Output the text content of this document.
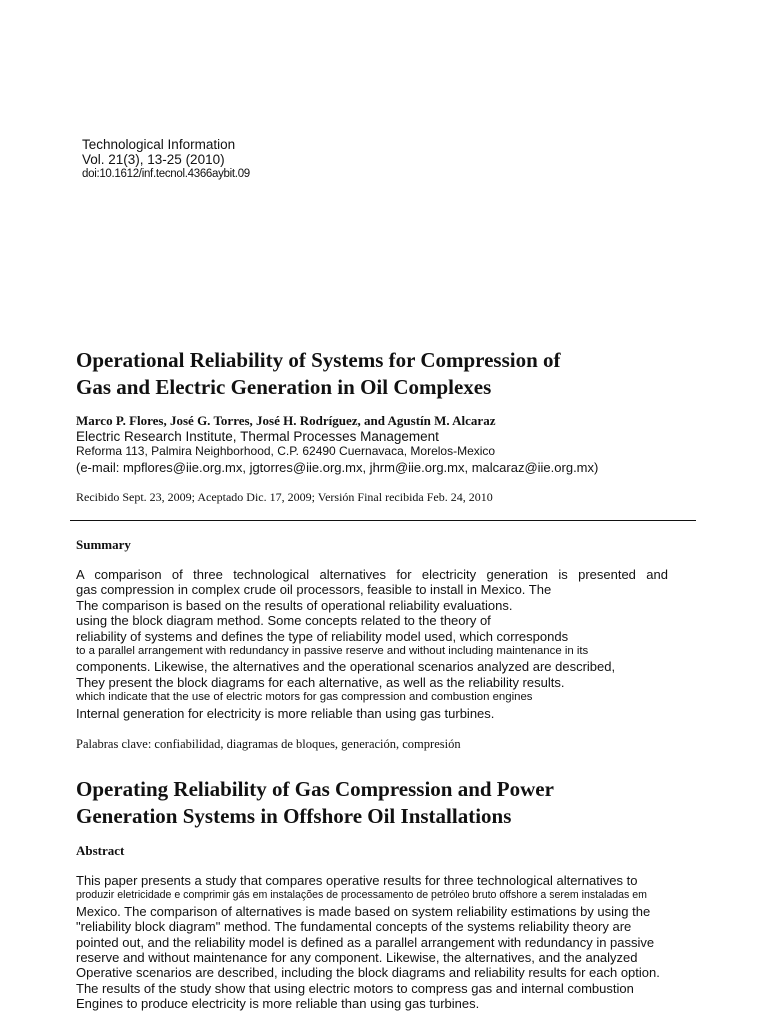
Technological Information
Vol. 21(3), 13-25 (2010)
doi:10.1612/inf.tecnol.4366aybit.09
Operational Reliability of Systems for Compression of
Gas and Electric Generation in Oil Complexes
Marco P. Flores, José G. Torres, José H. Rodríguez, and Agustín M. Alcaraz
Electric Research Institute, Thermal Processes Management
Reforma 113, Palmira Neighborhood, C.P. 62490 Cuernavaca, Morelos-Mexico
(e-mail: mpflores@iie.org.mx, jgtorres@iie.org.mx, jhrm@iie.org.mx, malcaraz@iie.org.mx)
Recibido Sept. 23, 2009; Aceptado Dic. 17, 2009; Versión Final recibida Feb. 24, 2010
Summary
A comparison of three technological alternatives for electricity generation is presented and
gas compression in complex crude oil processors, feasible to install in Mexico. The
The comparison is based on the results of operational reliability evaluations.
using the block diagram method. Some concepts related to the theory of
reliability of systems and defines the type of reliability model used, which corresponds
to a parallel arrangement with redundancy in passive reserve and without including maintenance in its
components. Likewise, the alternatives and the operational scenarios analyzed are described,
They present the block diagrams for each alternative, as well as the reliability results.
which indicate that the use of electric motors for gas compression and combustion engines
Internal generation for electricity is more reliable than using gas turbines.
Palabras clave: confiabilidad, diagramas de bloques, generación, compresión
Operating Reliability of Gas Compression and Power
Generation Systems in Offshore Oil Installations
Abstract
This paper presents a study that compares operative results for three technological alternatives to
produzir eletricidade e comprimir gás em instalações de processamento de petróleo bruto offshore a serem instaladas em
Mexico. The comparison of alternatives is made based on system reliability estimations by using the
"reliability block diagram" method. The fundamental concepts of the systems reliability theory are
pointed out, and the reliability model is defined as a parallel arrangement with redundancy in passive
reserve and without maintenance for any component. Likewise, the alternatives, and the analyzed
Operative scenarios are described, including the block diagrams and reliability results for each option.
The results of the study show that using electric motors to compress gas and internal combustion
Engines to produce electricity is more reliable than using gas turbines.
